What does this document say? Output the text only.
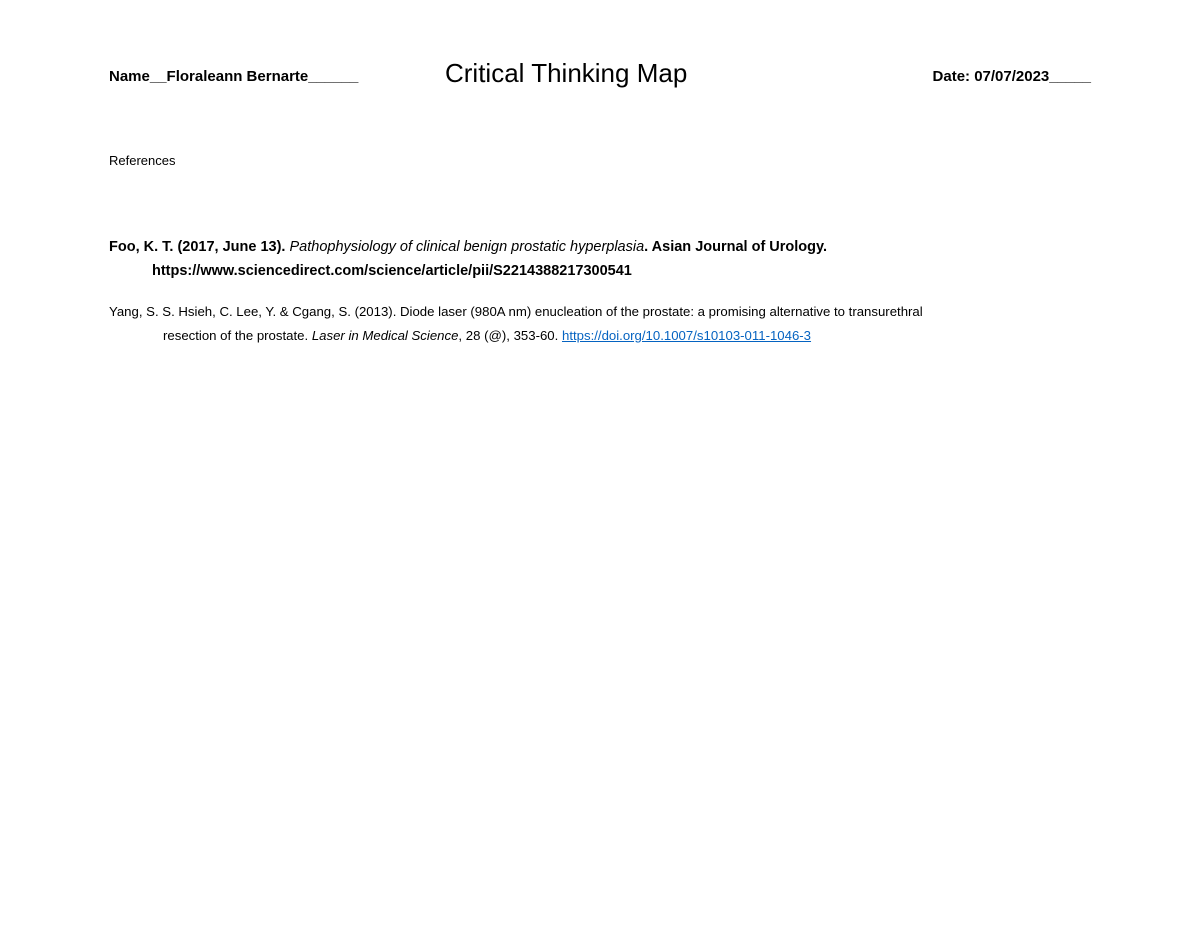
Name__Floraleann Bernarte______	Critical Thinking Map	Date: 07/07/2023_____
References
Foo, K. T. (2017, June 13). Pathophysiology of clinical benign prostatic hyperplasia. Asian Journal of Urology.
https://www.sciencedirect.com/science/article/pii/S2214388217300541
Yang, S. S. Hsieh, C. Lee, Y. & Cgang, S. (2013). Diode laser (980A nm) enucleation of the prostate: a promising alternative to transurethral
resection of the prostate. Laser in Medical Science, 28 (@), 353-60. https://doi.org/10.1007/s10103-011-1046-3
